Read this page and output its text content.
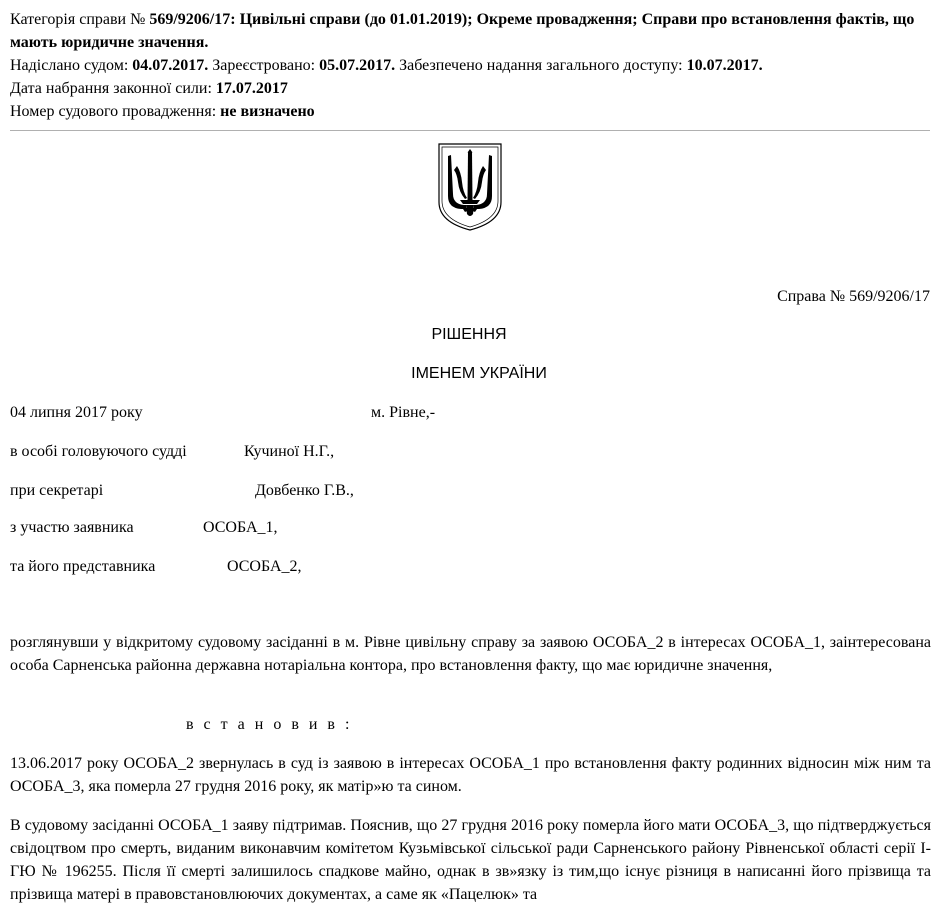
Категорія справи № 569/9206/17: Цивільні справи (до 01.01.2019); Окреме провадження; Справи про встановлення фактів, що мають юридичне значення.
Надіслано судом: 04.07.2017. Зареєстровано: 05.07.2017. Забезпечено надання загального доступу: 10.07.2017.
Дата набрання законної сили: 17.07.2017
Номер судового провадження: не визначено
Справа № 569/9206/17
РІШЕННЯ
ІМЕНЕМ УКРАЇНИ
04 липня 2017 року	м. Рівне,-
в особі головуючого судді	Кучиної Н.Г.,
при секретарі	Довбенко Г.В.,
з участю заявника	ОСОБА_1,
та його представника	ОСОБА_2,
розглянувши у відкритому судовому засіданні в м. Рівне цивільну справу за заявою ОСОБА_2 в інтересах ОСОБА_1, заінтересована особа Сарненська районна державна нотаріальна контора, про встановлення факту, що має юридичне значення,
в с т а н о в и в :
13.06.2017 року ОСОБА_2 звернулась в суд із заявою в інтересах ОСОБА_1 про встановлення факту родинних відносин між ним та ОСОБА_3, яка померла 27 грудня 2016 року, як матір»ю та сином.
В судовому засіданні ОСОБА_1 заяву підтримав. Пояснив, що 27 грудня 2016 року померла його мати ОСОБА_3, що підтверджується свідоцтвом про смерть, виданим виконавчим комітетом Кузьмівської сільської ради Сарненського району Рівненської області серії І-ГЮ № 196255. Після її смерті залишилось спадкове майно, однак в зв»язку із тим,що існує різниця в написанні його прізвища та прізвища матері в правовстановлюючих документах, а саме як «Пацелюк» та
